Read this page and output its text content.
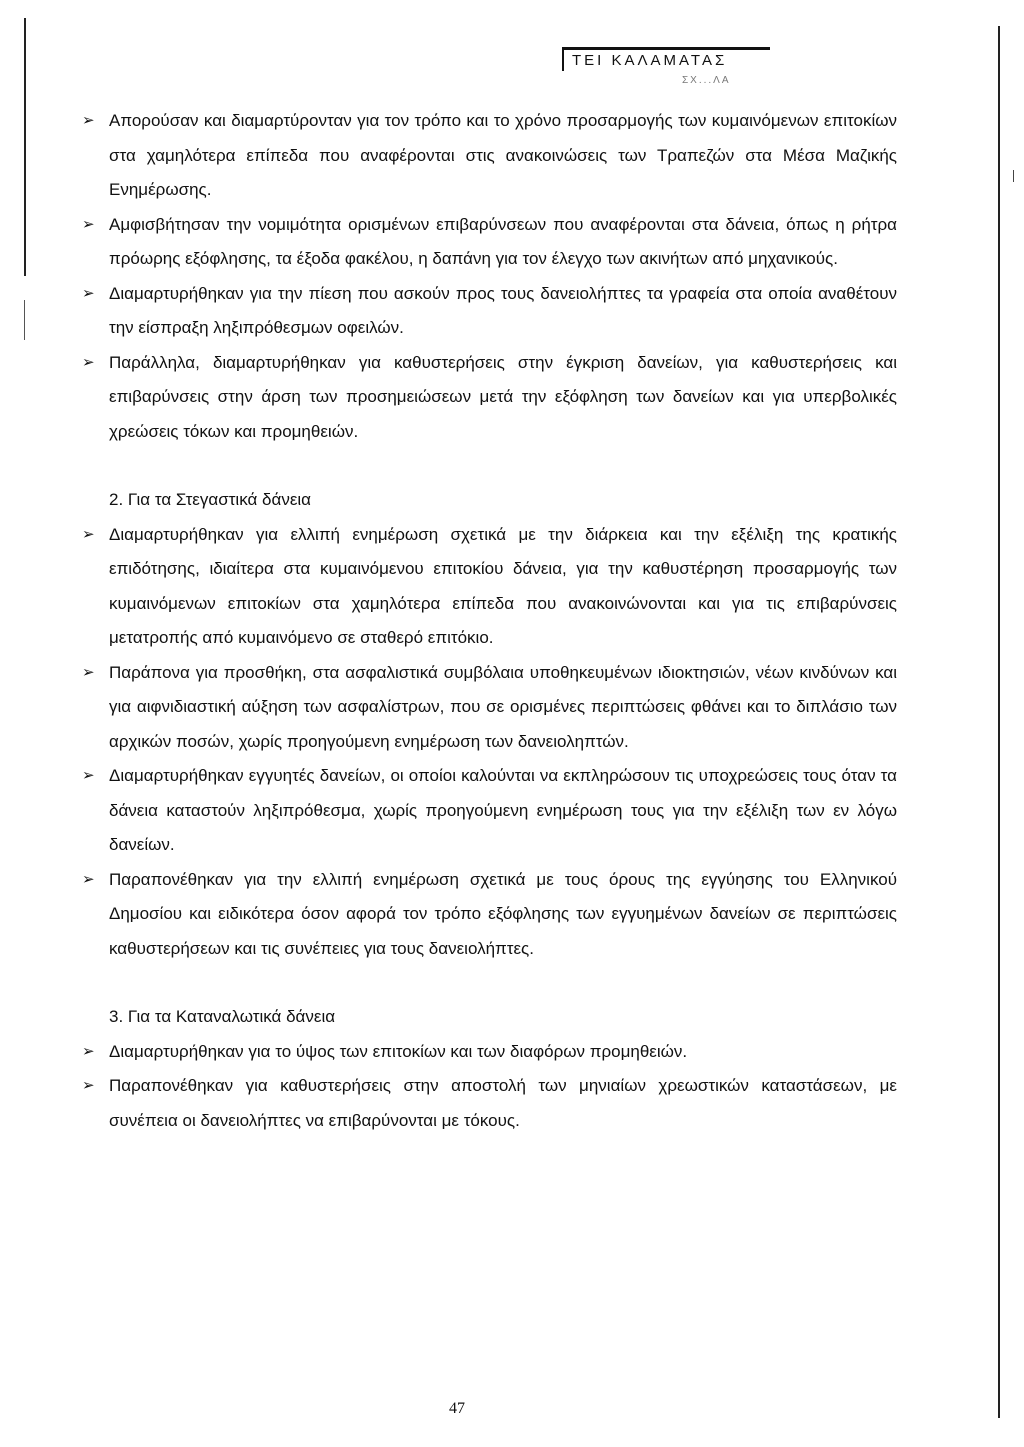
ΤΕΙ ΚΑΛΑΜΑΤΑΣ
ΣΧ...ΛΑ
➢ Απορούσαν και διαμαρτύρονταν για τον τρόπο και το χρόνο προσαρμογής των κυμαινόμενων επιτοκίων στα χαμηλότερα επίπεδα που αναφέρονται στις ανακοινώσεις των Τραπεζών στα Μέσα Μαζικής Ενημέρωσης.
➢ Αμφισβήτησαν την νομιμότητα ορισμένων επιβαρύνσεων που αναφέρονται στα δάνεια, όπως η ρήτρα πρόωρης εξόφλησης, τα έξοδα φακέλου, η δαπάνη για τον έλεγχο των ακινήτων από μηχανικούς.
➢ Διαμαρτυρήθηκαν για την πίεση που ασκούν προς τους δανειολήπτες τα γραφεία στα οποία αναθέτουν την είσπραξη ληξιπρόθεσμων οφειλών.
➢ Παράλληλα, διαμαρτυρήθηκαν για καθυστερήσεις στην έγκριση δανείων, για καθυστερήσεις και επιβαρύνσεις στην άρση των προσημειώσεων μετά την εξόφληση των δανείων και για υπερβολικές χρεώσεις τόκων και προμηθειών.
2. Για τα Στεγαστικά δάνεια
➢ Διαμαρτυρήθηκαν για ελλιπή ενημέρωση σχετικά με την διάρκεια και την εξέλιξη της κρατικής επιδότησης, ιδιαίτερα στα κυμαινόμενου επιτοκίου δάνεια, για την καθυστέρηση προσαρμογής των κυμαινόμενων επιτοκίων στα χαμηλότερα επίπεδα που ανακοινώνονται και για τις επιβαρύνσεις μετατροπής από κυμαινόμενο σε σταθερό επιτόκιο.
➢ Παράπονα για προσθήκη, στα ασφαλιστικά συμβόλαια υποθηκευμένων ιδιοκτησιών, νέων κινδύνων και για αιφνιδιαστική αύξηση των ασφαλίστρων, που σε ορισμένες περιπτώσεις φθάνει και το διπλάσιο των αρχικών ποσών, χωρίς προηγούμενη ενημέρωση των δανειοληπτών.
➢ Διαμαρτυρήθηκαν εγγυητές δανείων, οι οποίοι καλούνται να εκπληρώσουν τις υποχρεώσεις τους όταν τα δάνεια καταστούν ληξιπρόθεσμα, χωρίς προηγούμενη ενημέρωση τους για την εξέλιξη των εν λόγω δανείων.
➢ Παραπονέθηκαν για την ελλιπή ενημέρωση σχετικά με τους όρους της εγγύησης του Ελληνικού Δημοσίου και ειδικότερα όσον αφορά τον τρόπο εξόφλησης των εγγυημένων δανείων σε περιπτώσεις καθυστερήσεων και τις συνέπειες για τους δανειολήπτες.
3. Για τα Καταναλωτικά δάνεια
➢ Διαμαρτυρήθηκαν για το ύψος των επιτοκίων και των διαφόρων προμηθειών.
➢ Παραπονέθηκαν για καθυστερήσεις στην αποστολή των μηνιαίων χρεωστικών καταστάσεων, με συνέπεια οι δανειολήπτες να επιβαρύνονται με τόκους.
47
